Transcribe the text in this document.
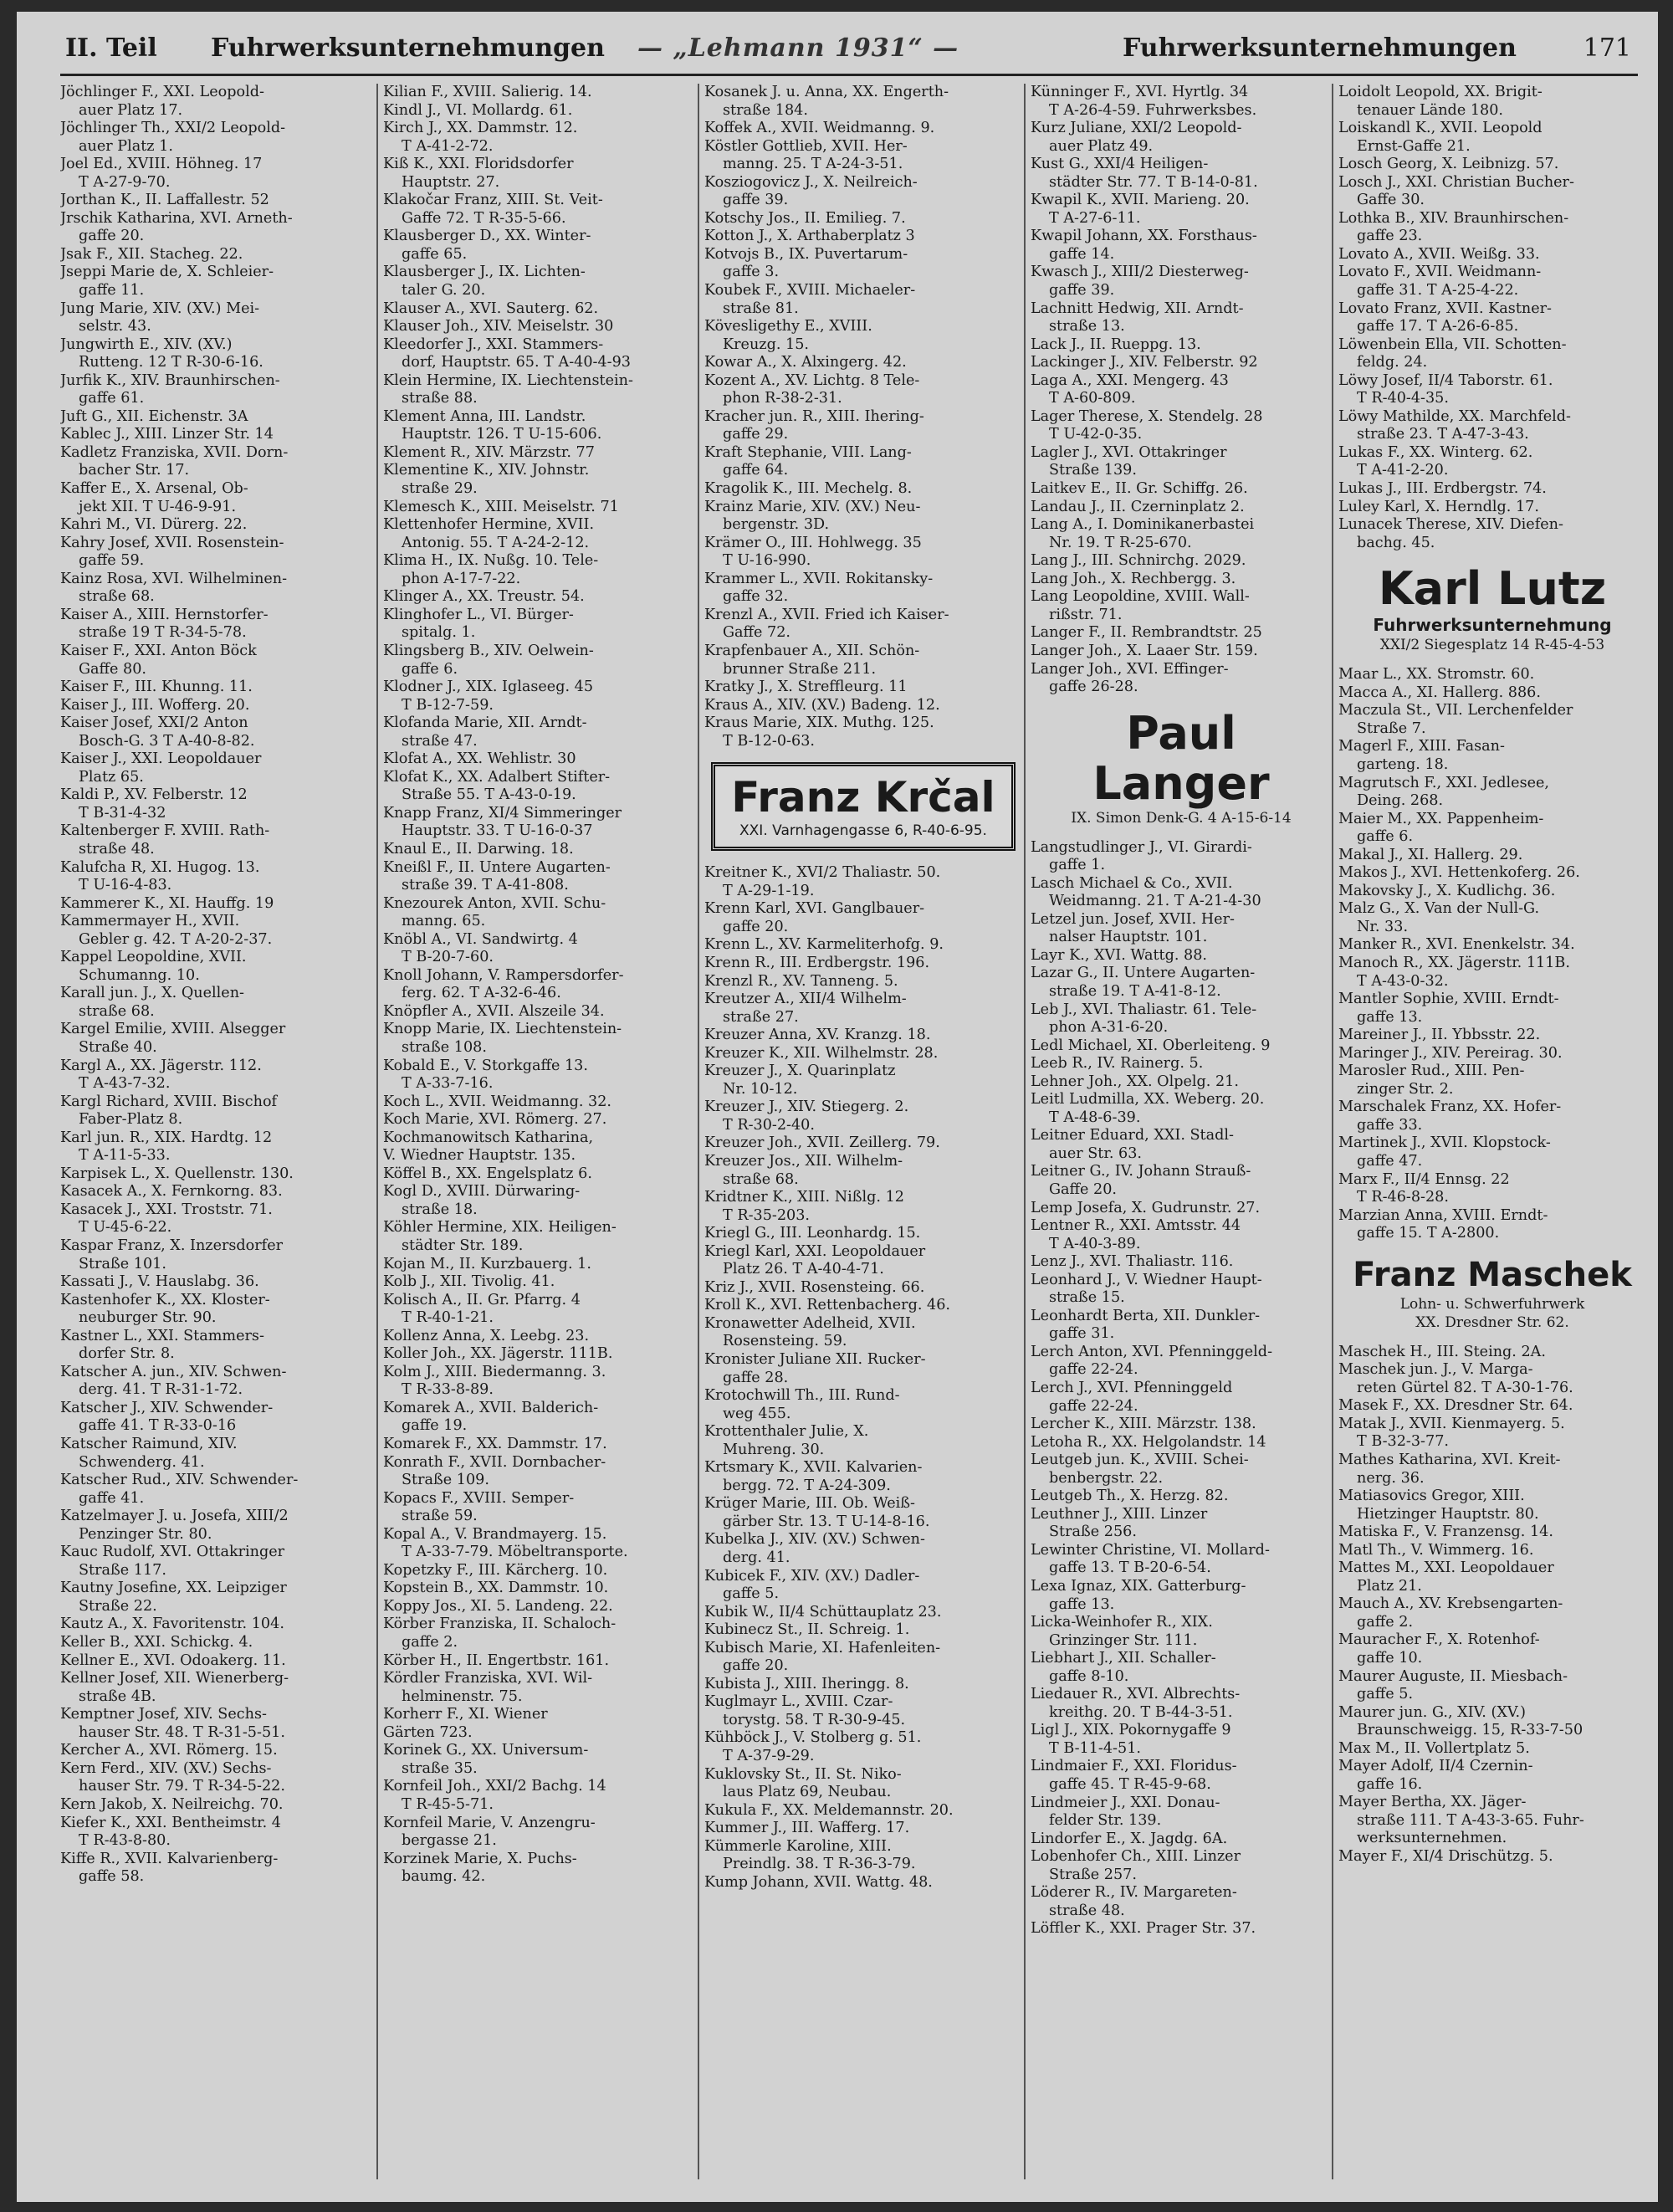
II. Teil Fuhrwerksunternehmungen — „Lehmann 1931“ —	Fuhrwerksunternehmungen	171
Jöchlinger F., XXI. Leopold-
auer Platz 17.
Jöchlinger Th., XXI/2 Leopold-
auer Platz 1.
Joel Ed., XVIII. Höhneg. 17
T A-27-9-70.
Jorthan K., II. Laffallestr. 52
Jrschik Katharina, XVI. Arneth-
gaffe 20.
Jsak F., XII. Stacheg. 22.
Jseppi Marie de, X. Schleier-
gaffe 11.
Jung Marie, XIV. (XV.) Mei-
selstr. 43.
Jungwirth E., XIV. (XV.)
Rutteng. 12 T R-30-6-16.
Jurfik K., XIV. Braunhirschen-
gaffe 61.
Juft G., XII. Eichenstr. 3A
Kablec J., XIII. Linzer Str. 14
Kadletz Franziska, XVII. Dorn-
bacher Str. 17.
Kaffer E., X. Arsenal, Ob-
jekt XII. T U-46-9-91.
Kahri M., VI. Dürerg. 22.
Kahry Josef, XVII. Rosenstein-
gaffe 59.
Kainz Rosa, XVI. Wilhelminen-
straße 68.
Kaiser A., XIII. Hernstorfer-
straße 19 T R-34-5-78.
Kaiser F., XXI. Anton Böck
Gaffe 80.
Kaiser F., III. Khunng. 11.
Kaiser J., III. Wofferg. 20.
Kaiser Josef, XXI/2 Anton
Bosch-G. 3 T A-40-8-82.
Kaiser J., XXI. Leopoldauer
Platz 65.
Kaldi P., XV. Felberstr. 12
T B-31-4-32
Kaltenberger F. XVIII. Rath-
straße 48.
Kalufcha R, XI. Hugog. 13.
T U-16-4-83.
Kammerer K., XI. Hauffg. 19
Kammermayer H., XVII.
Gebler g. 42. T A-20-2-37.
Kappel Leopoldine, XVII.
Schumanng. 10.
Karall jun. J., X. Quellen-
straße 68.
Kargel Emilie, XVIII. Alsegger
Straße 40.
Kargl A., XX. Jägerstr. 112.
T A-43-7-32.
Kargl Richard, XVIII. Bischof
Faber-Platz 8.
Karl jun. R., XIX. Hardtg. 12
T A-11-5-33.
Karpisek L., X. Quellenstr. 130.
Kasacek A., X. Fernkorng. 83.
Kasacek J., XXI. Troststr. 71.
T U-45-6-22.
Kaspar Franz, X. Inzersdorfer
Straße 101.
Kassati J., V. Hauslabg. 36.
Kastenhofer K., XX. Kloster-
neuburger Str. 90.
Kastner L., XXI. Stammers-
dorfer Str. 8.
Katscher A. jun., XIV. Schwen-
derg. 41. T R-31-1-72.
Katscher J., XIV. Schwender-
gaffe 41. T R-33-0-16
Katscher Raimund, XIV.
Schwenderg. 41.
Katscher Rud., XIV. Schwender-
gaffe 41.
Katzelmayer J. u. Josefa, XIII/2
Penzinger Str. 80.
Kauc Rudolf, XVI. Ottakringer
Straße 117.
Kautny Josefine, XX. Leipziger
Straße 22.
Kautz A., X. Favoritenstr. 104.
Keller B., XXI. Schickg. 4.
Kellner E., XVI. Odoakerg. 11.
Kellner Josef, XII. Wienerberg-
straße 4B.
Kemptner Josef, XIV. Sechs-
hauser Str. 48. T R-31-5-51.
Kercher A., XVI. Römerg. 15.
Kern Ferd., XIV. (XV.) Sechs-
hauser Str. 79. T R-34-5-22.
Kern Jakob, X. Neilreichg. 70.
Kiefer K., XXI. Bentheimstr. 4
T R-43-8-80.
Kiffe R., XVII. Kalvarienberg-
gaffe 58.
Kilian F., XVIII. Salierig. 14.
Kindl J., VI. Mollardg. 61.
Kirch J., XX. Dammstr. 12.
T A-41-2-72.
Kiß K., XXI. Floridsdorfer
Hauptstr. 27.
Klakočar Franz, XIII. St. Veit-
Gaffe 72. T R-35-5-66.
Klausberger D., XX. Winter-
gaffe 65.
Klausberger J., IX. Lichten-
taler G. 20.
Klauser A., XVI. Sauterg. 62.
Klauser Joh., XIV. Meiselstr. 30
Kleedorfer J., XXI. Stammers-
dorf, Hauptstr. 65. T A-40-4-93
Klein Hermine, IX. Liechtenstein-
straße 88.
Klement Anna, III. Landstr.
Hauptstr. 126. T U-15-606.
Klement R., XIV. Märzstr. 77
Klementine K., XIV. Johnstr.
straße 29.
Klemesch K., XIII. Meiselstr. 71
Klettenhofer Hermine, XVII.
Antonig. 55. T A-24-2-12.
Klima H., IX. Nußg. 10. Tele-
phon A-17-7-22.
Klinger A., XX. Treustr. 54.
Klinghofer L., VI. Bürger-
spitalg. 1.
Klingsberg B., XIV. Oelwein-
gaffe 6.
Klodner J., XIX. Iglaseeg. 45
T B-12-7-59.
Klofanda Marie, XII. Arndt-
straße 47.
Klofat A., XX. Wehlistr. 30
Klofat K., XX. Adalbert Stifter-
Straße 55. T A-43-0-19.
Knapp Franz, XI/4 Simmeringer
Hauptstr. 33. T U-16-0-37
Knaul E., II. Darwing. 18.
Kneißl F., II. Untere Augarten-
straße 39. T A-41-808.
Knezourek Anton, XVII. Schu-
manng. 65.
Knöbl A., VI. Sandwirtg. 4
T B-20-7-60.
Knoll Johann, V. Rampersdorfer-
ferg. 62. T A-32-6-46.
Knöpfler A., XVII. Alszeile 34.
Knopp Marie, IX. Liechtenstein-
straße 108.
Kobald E., V. Storkgaffe 13.
T A-33-7-16.
Koch L., XVII. Weidmanng. 32.
Koch Marie, XVI. Römerg. 27.
Kochmanowitsch Katharina,
V. Wiedner Hauptstr. 135.
Köffel B., XX. Engelsplatz 6.
Kogl D., XVIII. Dürwaring-
straße 18.
Köhler Hermine, XIX. Heiligen-
städter Str. 189.
Kojan M., II. Kurzbauerg. 1.
Kolb J., XII. Tivolig. 41.
Kolisch A., II. Gr. Pfarrg. 4
T R-40-1-21.
Kollenz Anna, X. Leebg. 23.
Koller Joh., XX. Jägerstr. 111B.
Kolm J., XIII. Biedermanng. 3.
T R-33-8-89.
Komarek A., XVII. Balderich-
gaffe 19.
Komarek F., XX. Dammstr. 17.
Konrath F., XVII. Dornbacher-
Straße 109.
Kopacs F., XVIII. Semper-
straße 59.
Kopal A., V. Brandmayerg. 15.
T A-33-7-79. Möbeltransporte.
Kopetzky F., III. Kärcherg. 10.
Kopstein B., XX. Dammstr. 10.
Koppy Jos., XI. 5. Landeng. 22.
Körber Franziska, II. Schaloch-
gaffe 2.
Körber H., II. Engertbstr. 161.
Kördler Franziska, XVI. Wil-
helminenstr. 75.
Korherr F., XI. Wiener
Gärten 723.
Korinek G., XX. Universum-
straße 35.
Kornfeil Joh., XXI/2 Bachg. 14
T R-45-5-71.
Kornfeil Marie, V. Anzengru-
bergasse 21.
Korzinek Marie, X. Puchs-
baumg. 42.
Kosanek J. u. Anna, XX. Engerth-
straße 184.
Koffek A., XVII. Weidmanng. 9.
Köstler Gottlieb, XVII. Her-
manng. 25. T A-24-3-51.
Kosziogovicz J., X. Neilreich-
gaffe 39.
Kotschy Jos., II. Emilieg. 7.
Kotton J., X. Arthaberplatz 3
Kotvojs B., IX. Puvertarum-
gaffe 3.
Koubek F., XVIII. Michaeler-
straße 81.
Kövesligethy E., XVIII.
Kreuzg. 15.
Kowar A., X. Alxingerg. 42.
Kozent A., XV. Lichtg. 8 Tele-
phon R-38-2-31.
Kracher jun. R., XIII. Ihering-
gaffe 29.
Kraft Stephanie, VIII. Lang-
gaffe 64.
Kragolik K., III. Mechelg. 8.
Krainz Marie, XIV. (XV.) Neu-
bergenstr. 3D.
Krämer O., III. Hohlwegg. 35
T U-16-990.
Krammer L., XVII. Rokitansky-
gaffe 32.
Krenzl A., XVII. Fried ich Kaiser-
Gaffe 72.
Krapfenbauer A., XII. Schön-
brunner Straße 211.
Kratky J., X. Streffleurg. 11
Kraus A., XIV. (XV.) Badeng. 12.
Kraus Marie, XIX. Muthg. 125.
T B-12-0-63.
Franz Krčal
XXI. Varnhagengasse 6, R-40-6-95.
Kreitner K., XVI/2 Thaliastr. 50.
T A-29-1-19.
Krenn Karl, XVI. Ganglbauer-
gaffe 20.
Krenn L., XV. Karmeliterhofg. 9.
Krenn R., III. Erdbergstr. 196.
Krenzl R., XV. Tanneng. 5.
Kreutzer A., XII/4 Wilhelm-
straße 27.
Kreuzer Anna, XV. Kranzg. 18.
Kreuzer K., XII. Wilhelmstr. 28.
Kreuzer J., X. Quarinplatz
Nr. 10-12.
Kreuzer J., XIV. Stiegerg. 2.
T R-30-2-40.
Kreuzer Joh., XVII. Zeillerg. 79.
Kreuzer Jos., XII. Wilhelm-
straße 68.
Kridtner K., XIII. Nißlg. 12
T R-35-203.
Kriegl G., III. Leonhardg. 15.
Kriegl Karl, XXI. Leopoldauer
Platz 26. T A-40-4-71.
Kriz J., XVII. Rosensteing. 66.
Kroll K., XVI. Rettenbacherg. 46.
Kronawetter Adelheid, XVII.
Rosensteing. 59.
Kronister Juliane XII. Rucker-
gaffe 28.
Krotochwill Th., III. Rund-
weg 455.
Krottenthaler Julie, X.
Muhreng. 30.
Krtsmary K., XVII. Kalvarien-
bergg. 72. T A-24-309.
Krüger Marie, III. Ob. Weiß-
gärber Str. 13. T U-14-8-16.
Kubelka J., XIV. (XV.) Schwen-
derg. 41.
Kubicek F., XIV. (XV.) Dadler-
gaffe 5.
Kubik W., II/4 Schüttauplatz 23.
Kubinecz St., II. Schreig. 1.
Kubisch Marie, XI. Hafenleiten-
gaffe 20.
Kubista J., XIII. Iheringg. 8.
Kuglmayr L., XVIII. Czar-
torystg. 58. T R-30-9-45.
Kühböck J., V. Stolberg g. 51.
T A-37-9-29.
Kuklovsky St., II. St. Niko-
laus Platz 69, Neubau.
Kukula F., XX. Meldemannstr. 20.
Kummer J., III. Wafferg. 17.
Kümmerle Karoline, XIII.
Preindlg. 38. T R-36-3-79.
Kump Johann, XVII. Wattg. 48.
Künninger F., XVI. Hyrtlg. 34
T A-26-4-59. Fuhrwerksbes.
Kurz Juliane, XXI/2 Leopold-
auer Platz 49.
Kust G., XXI/4 Heiligen-
städter Str. 77. T B-14-0-81.
Kwapil K., XVII. Marieng. 20.
T A-27-6-11.
Kwapil Johann, XX. Forsthaus-
gaffe 14.
Kwasch J., XIII/2 Diesterweg-
gaffe 39.
Lachnitt Hedwig, XII. Arndt-
straße 13.
Lack J., II. Rueppg. 13.
Lackinger J., XIV. Felberstr. 92
Laga A., XXI. Mengerg. 43
T A-60-809.
Lager Therese, X. Stendelg. 28
T U-42-0-35.
Lagler J., XVI. Ottakringer
Straße 139.
Laitkev E., II. Gr. Schiffg. 26.
Landau J., II. Czerninplatz 2.
Lang A., I. Dominikanerbastei
Nr. 19. T R-25-670.
Lang J., III. Schnirchg. 2029.
Lang Joh., X. Rechbergg. 3.
Lang Leopoldine, XVIII. Wall-
rißstr. 71.
Langer F., II. Rembrandtstr. 25
Langer Joh., X. Laaer Str. 159.
Langer Joh., XVI. Effinger-
gaffe 26-28.
Paul Langer
IX. Simon Denk-G. 4 A-15-6-14
Langstudlinger J., VI. Girardi-
gaffe 1.
Lasch Michael & Co., XVII.
Weidmanng. 21. T A-21-4-30
Letzel jun. Josef, XVII. Her-
nalser Hauptstr. 101.
Layr K., XVI. Wattg. 88.
Lazar G., II. Untere Augarten-
straße 19. T A-41-8-12.
Leb J., XVI. Thaliastr. 61. Tele-
phon A-31-6-20.
Ledl Michael, XI. Oberleiteng. 9
Leeb R., IV. Rainerg. 5.
Lehner Joh., XX. Olpelg. 21.
Leitl Ludmilla, XX. Weberg. 20.
T A-48-6-39.
Leitner Eduard, XXI. Stadl-
auer Str. 63.
Leitner G., IV. Johann Strauß-
Gaffe 20.
Lemp Josefa, X. Gudrunstr. 27.
Lentner R., XXI. Amtsstr. 44
T A-40-3-89.
Lenz J., XVI. Thaliastr. 116.
Leonhard J., V. Wiedner Haupt-
straße 15.
Leonhardt Berta, XII. Dunkler-
gaffe 31.
Lerch Anton, XVI. Pfenninggeld-
gaffe 22-24.
Lerch J., XVI. Pfenninggeld
gaffe 22-24.
Lercher K., XIII. Märzstr. 138.
Letoha R., XX. Helgolandstr. 14
Leutgeb jun. K., XVIII. Schei-
benbergstr. 22.
Leutgeb Th., X. Herzg. 82.
Leuthner J., XIII. Linzer
Straße 256.
Lewinter Christine, VI. Mollard-
gaffe 13. T B-20-6-54.
Lexa Ignaz, XIX. Gatterburg-
gaffe 13.
Licka-Weinhofer R., XIX.
Grinzinger Str. 111.
Liebhart J., XII. Schaller-
gaffe 8-10.
Liedauer R., XVI. Albrechts-
kreithg. 20. T B-44-3-51.
Ligl J., XIX. Pokornygaffe 9
T B-11-4-51.
Lindmaier F., XXI. Floridus-
gaffe 45. T R-45-9-68.
Lindmeier J., XXI. Donau-
felder Str. 139.
Lindorfer E., X. Jagdg. 6A.
Lobenhofer Ch., XIII. Linzer
Straße 257.
Löderer R., IV. Margareten-
straße 48.
Löffler K., XXI. Prager Str. 37.
Loidolt Leopold, XX. Brigit-
tenauer Lände 180.
Loiskandl K., XVII. Leopold
Ernst-Gaffe 21.
Losch Georg, X. Leibnizg. 57.
Losch J., XXI. Christian Bucher-
Gaffe 30.
Lothka B., XIV. Braunhirschen-
gaffe 23.
Lovato A., XVII. Weißg. 33.
Lovato F., XVII. Weidmann-
gaffe 31. T A-25-4-22.
Lovato Franz, XVII. Kastner-
gaffe 17. T A-26-6-85.
Löwenbein Ella, VII. Schotten-
feldg. 24.
Löwy Josef, II/4 Taborstr. 61.
T R-40-4-35.
Löwy Mathilde, XX. Marchfeld-
straße 23. T A-47-3-43.
Lukas F., XX. Winterg. 62.
T A-41-2-20.
Lukas J., III. Erdbergstr. 74.
Luley Karl, X. Herndlg. 17.
Lunacek Therese, XIV. Diefen-
bachg. 45.
Karl Lutz
Fuhrwerksunternehmung
XXI/2 Siegesplatz 14 R-45-4-53
Maar L., XX. Stromstr. 60.
Macca A., XI. Hallerg. 886.
Maczula St., VII. Lerchenfelder
Straße 7.
Magerl F., XIII. Fasan-
garteng. 18.
Magrutsch F., XXI. Jedlesee,
Deing. 268.
Maier M., XX. Pappenheim-
gaffe 6.
Makal J., XI. Hallerg. 29.
Makos J., XVI. Hettenkoferg. 26.
Makovsky J., X. Kudlichg. 36.
Malz G., X. Van der Null-G.
Nr. 33.
Manker R., XVI. Enenkelstr. 34.
Manoch R., XX. Jägerstr. 111B.
T A-43-0-32.
Mantler Sophie, XVIII. Erndt-
gaffe 13.
Mareiner J., II. Ybbsstr. 22.
Maringer J., XIV. Pereirag. 30.
Marosler Rud., XIII. Pen-
zinger Str. 2.
Marschalek Franz, XX. Hofer-
gaffe 33.
Martinek J., XVII. Klopstock-
gaffe 47.
Marx F., II/4 Ennsg. 22
T R-46-8-28.
Marzian Anna, XVIII. Erndt-
gaffe 15. T A-2800.
Franz Maschek
Lohn- u. Schwerfuhrwerk
XX. Dresdner Str. 62.
Maschek H., III. Steing. 2A.
Maschek jun. J., V. Marga-
reten Gürtel 82. T A-30-1-76.
Masek F., XX. Dresdner Str. 64.
Matak J., XVII. Kienmayerg. 5.
T B-32-3-77.
Mathes Katharina, XVI. Kreit-
nerg. 36.
Matiasovics Gregor, XIII.
Hietzinger Hauptstr. 80.
Matiska F., V. Franzensg. 14.
Matl Th., V. Wimmerg. 16.
Mattes M., XXI. Leopoldauer
Platz 21.
Mauch A., XV. Krebsengarten-
gaffe 2.
Mauracher F., X. Rotenhof-
gaffe 10.
Maurer Auguste, II. Miesbach-
gaffe 5.
Maurer jun. G., XIV. (XV.)
Braunschweigg. 15, R-33-7-50
Max M., II. Vollertplatz 5.
Mayer Adolf, II/4 Czernin-
gaffe 16.
Mayer Bertha, XX. Jäger-
straße 111. T A-43-3-65. Fuhr-
werksunternehmen.
Mayer F., XI/4 Drischützg. 5.
